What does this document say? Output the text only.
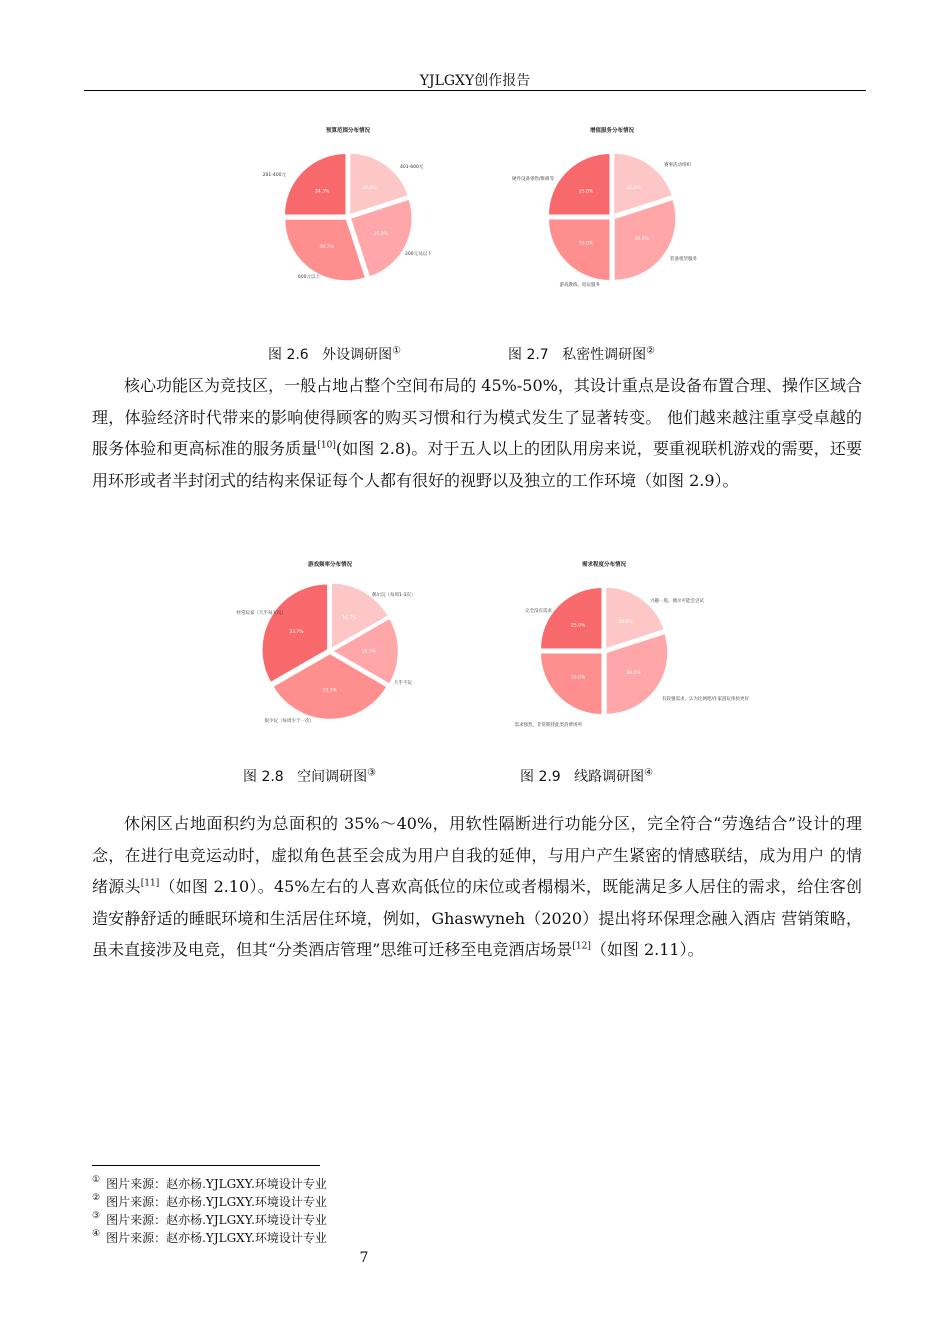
YJLGXY创作报告
预算范围分布情况
20.0%
401-600元
25.0%
200元及以下
30.7%
600元以上
24.3%
201-400元
增值服务分布情况
20.0%
赛事活动组织
30.0%
装备租赁服务
25.0%
游戏教练、陪玩服务
25.0%
硬件设备零售/维修等
游戏频率分布情况
16.7%
偶尔玩（每周1-3次）
16.7%
几乎不玩
33.3%
很少玩（每周少于一次）
33.7%
经常玩家（几乎每天玩）
需求程度分布情况
20.0%
兴趣一般，偶尔可能会尝试
30.0%
有较强需求，认为比网吧/住家游玩体验更好
25.0%
需求强烈，非常期待此类消费场所
25.0%
完全没有需求
图 2.6 外设调研图①	图 2.7 私密性调研图②
图 2.8 空间调研图③	图 2.9 线路调研图④

核心功能区为竞技区，一般占地占整个空间布局的 45%-50%，其设计重点是设备布置合理、操作区域合理，体验经济时代带来的影响使得顾客的购买习惯和行为模式发生了显著转变。 他们越来越注重享受卓越的服务体验和更高标准的服务质量[10](如图 2.8)。对于五人以上的团队用房来说，要重视联机游戏的需要，还要用环形或者半封闭式的结构来保证每个人都有很好的视野以及独立的工作环境（如图 2.9）。

休闲区占地面积约为总面积的 35%～40%，用软性隔断进行功能分区，完全符合“劳逸结合”设计的理念，在进行电竞运动时，虚拟角色甚至会成为用户自我的延伸，与用户产生紧密的情感联结，成为用户 的情绪源头[11]（如图 2.10）。45%左右的人喜欢高低位的床位或者榻榻米，既能满足多人居住的需求，给住客创造安静舒适的睡眠环境和生活居住环境，例如，Ghaswyneh（2020）提出将环保理念融入酒店 营销策略，虽未直接涉及电竞，但其“分类酒店管理”思维可迁移至电竞酒店场景[12]（如图 2.11）。

① 图片来源：赵亦杨.YJLGXY.环境设计专业
② 图片来源：赵亦杨.YJLGXY.环境设计专业
③ 图片来源：赵亦杨.YJLGXY.环境设计专业
④ 图片来源：赵亦杨.YJLGXY.环境设计专业
7
